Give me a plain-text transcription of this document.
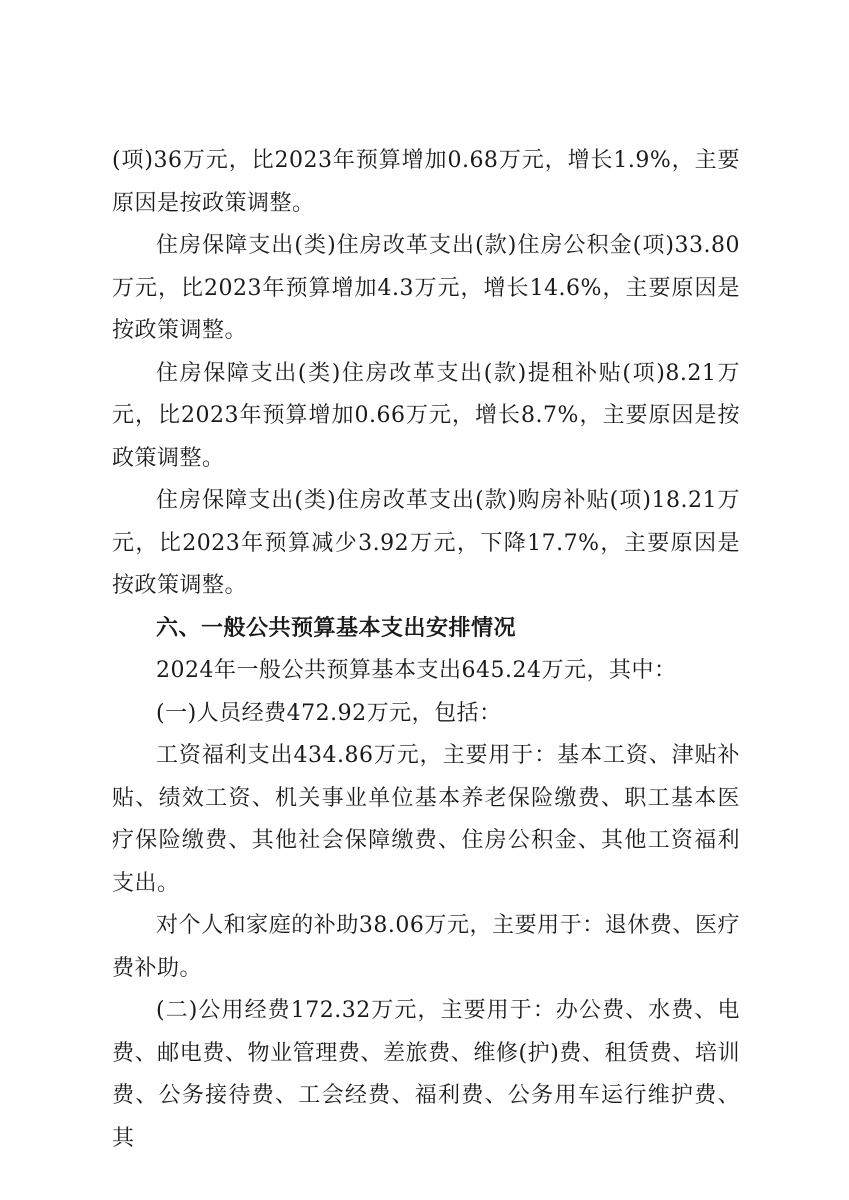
(项)36万元，比2023年预算增加0.68万元，增长1.9%，主要原因是按政策调整。

住房保障支出(类)住房改革支出(款)住房公积金(项)33.80万元，比2023年预算增加4.3万元，增长14.6%，主要原因是按政策调整。

住房保障支出(类)住房改革支出(款)提租补贴(项)8.21万元，比2023年预算增加0.66万元，增长8.7%，主要原因是按政策调整。

住房保障支出(类)住房改革支出(款)购房补贴(项)18.21万元，比2023年预算减少3.92万元，下降17.7%，主要原因是按政策调整。

六、一般公共预算基本支出安排情况

2024年一般公共预算基本支出645.24万元，其中：

(一)人员经费472.92万元，包括：

工资福利支出434.86万元，主要用于：基本工资、津贴补贴、绩效工资、机关事业单位基本养老保险缴费、职工基本医疗保险缴费、其他社会保障缴费、住房公积金、其他工资福利支出。

对个人和家庭的补助38.06万元，主要用于：退休费、医疗费补助。

(二)公用经费172.32万元，主要用于：办公费、水费、电费、邮电费、物业管理费、差旅费、维修(护)费、租赁费、培训费、公务接待费、工会经费、福利费、公务用车运行维护费、其
